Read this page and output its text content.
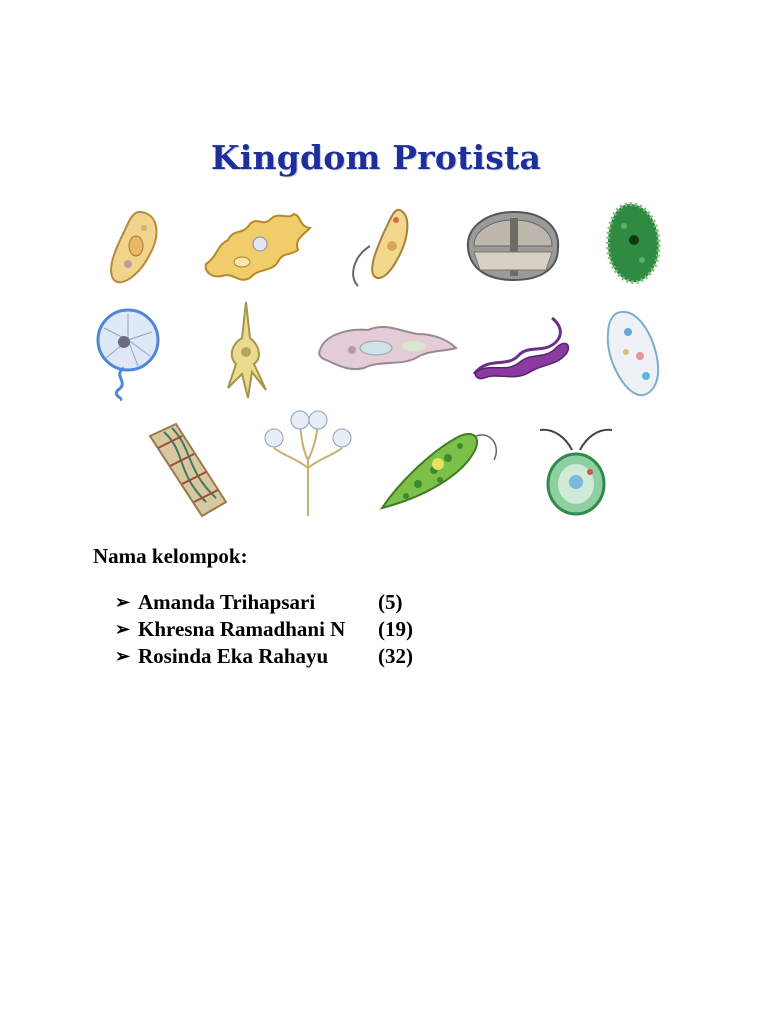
Kingdom Protista
Nama kelompok:
➢ Amanda Trihapsari	(5)
➢ Khresna Ramadhani N	(19)
➢ Rosinda Eka Rahayu	(32)
